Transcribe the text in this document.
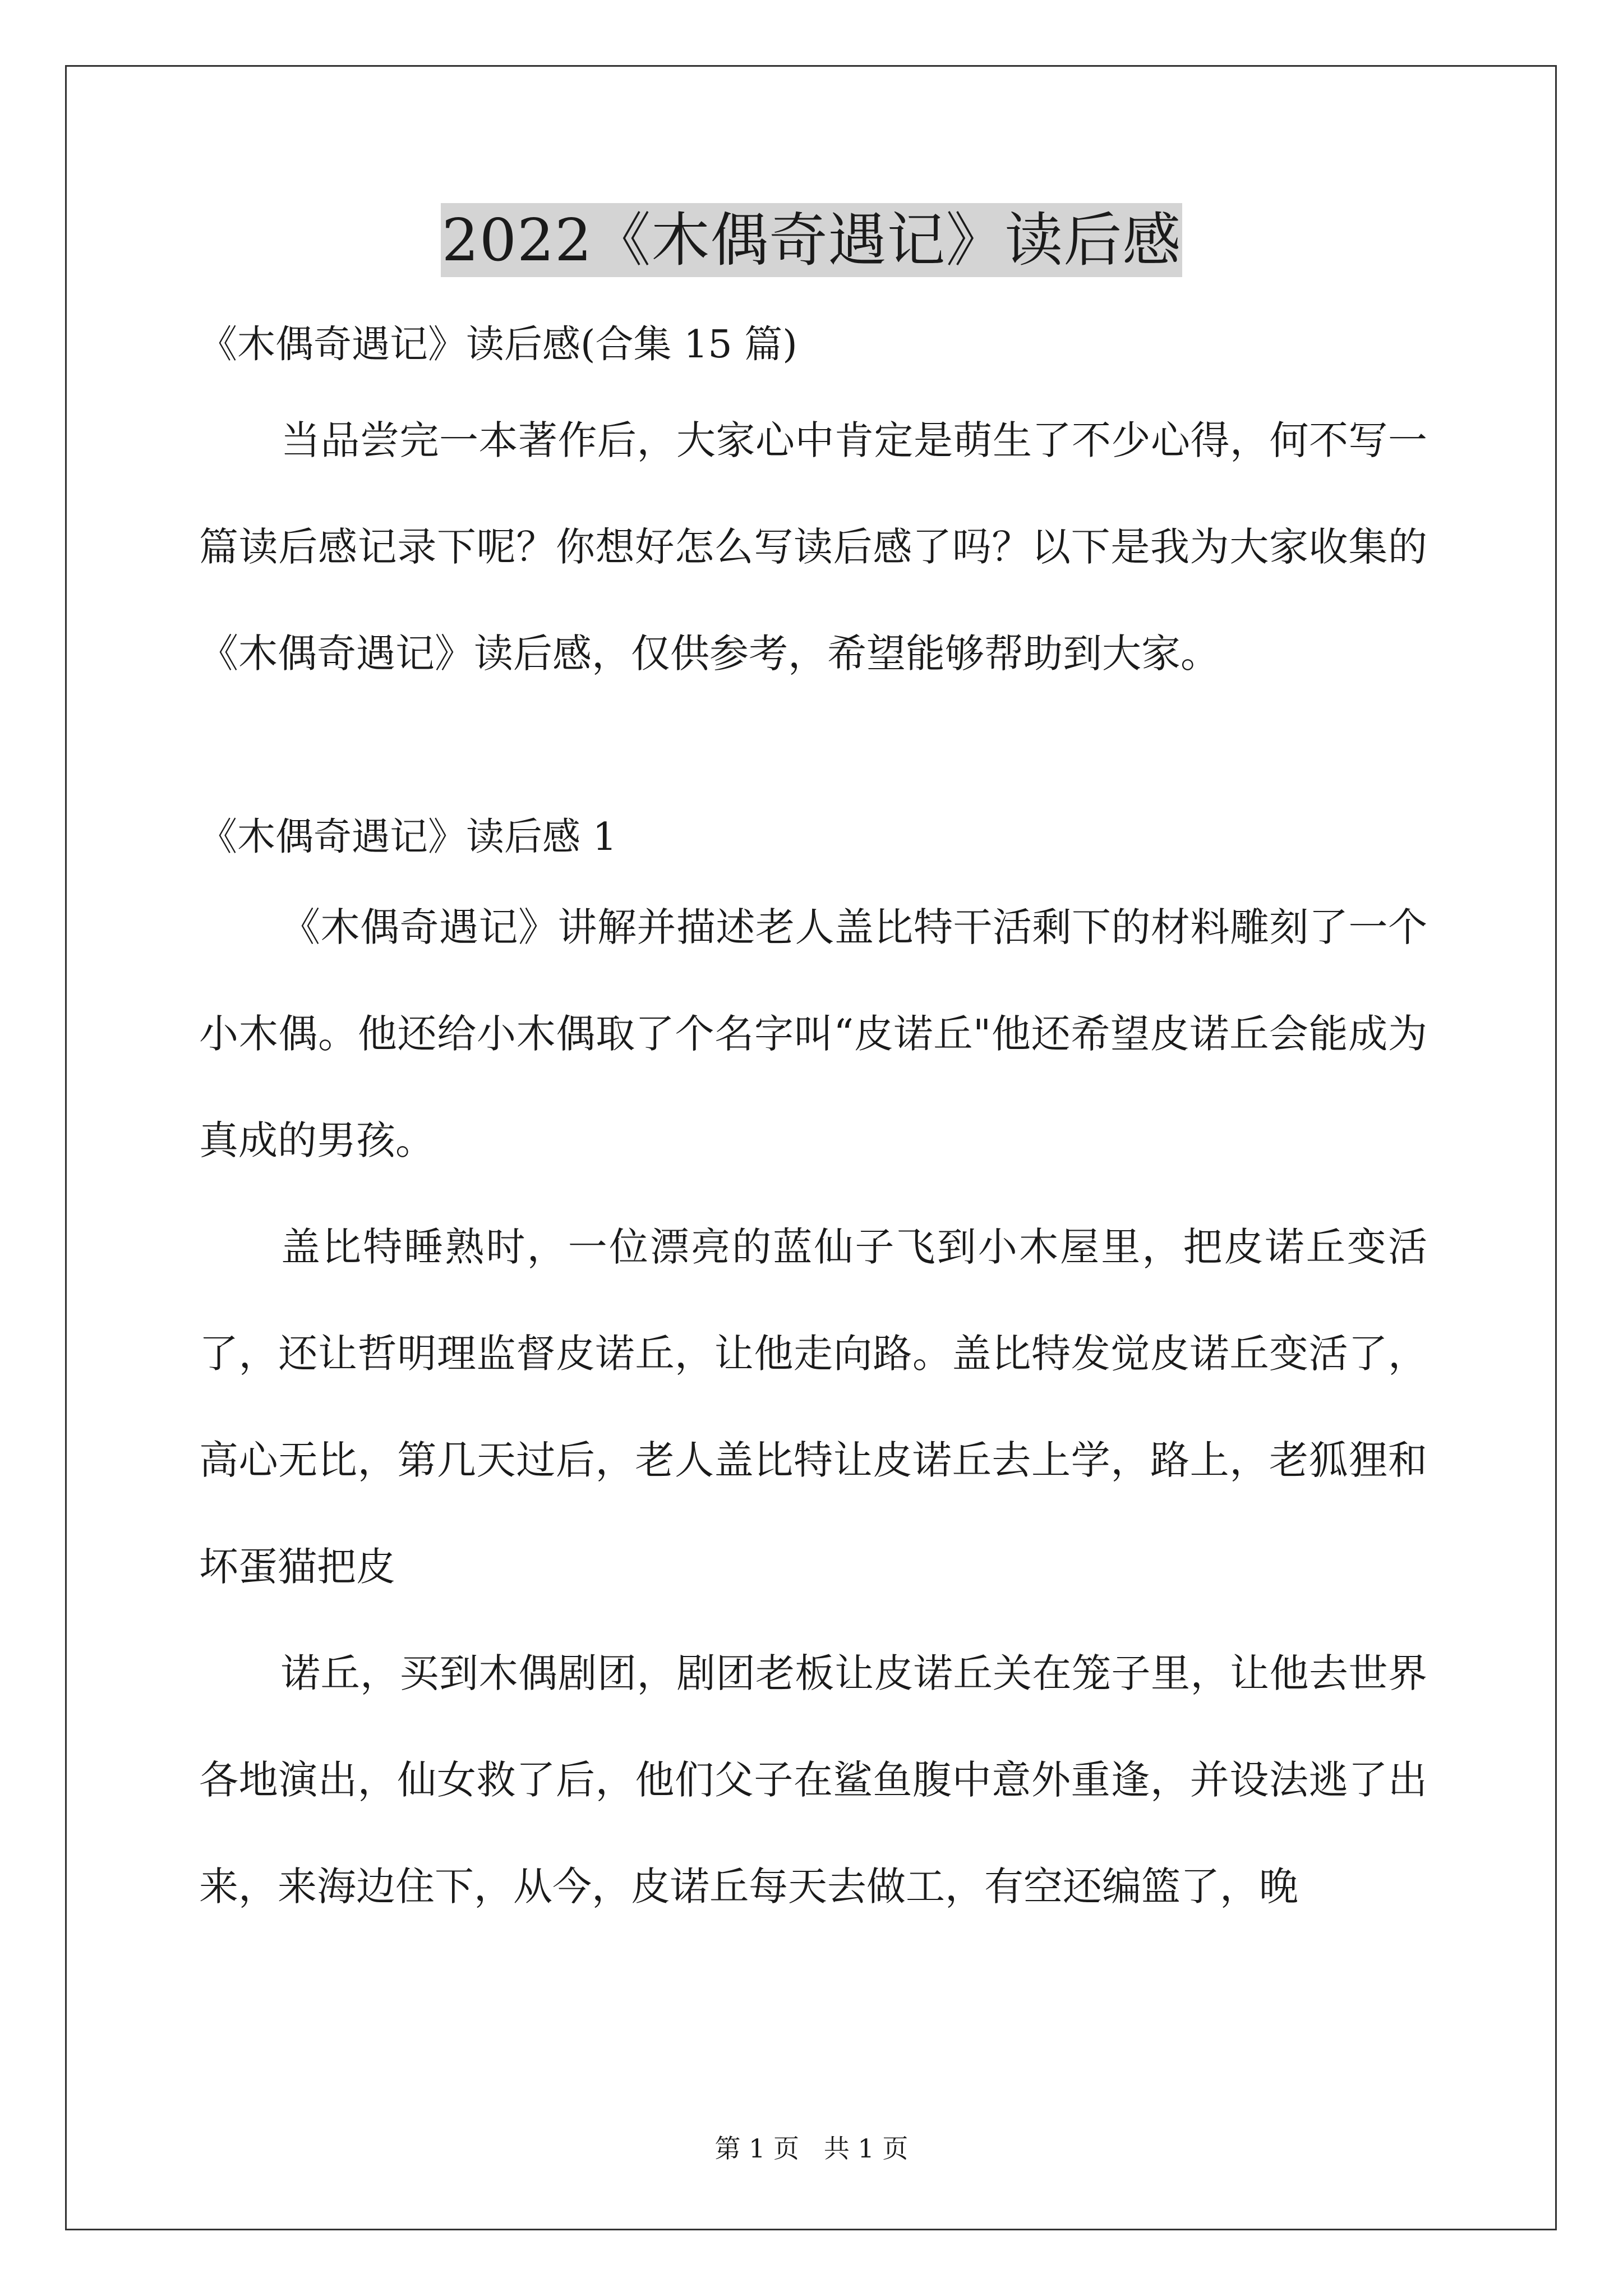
2022《木偶奇遇记》读后感
《木偶奇遇记》读后感(合集 15 篇)

当品尝完一本著作后，大家心中肯定是萌生了不少心得，何不写一篇读后感记录下呢？你想好怎么写读后感了吗？以下是我为大家收集的《木偶奇遇记》读后感，仅供参考，希望能够帮助到大家。

《木偶奇遇记》读后感 1

《木偶奇遇记》讲解并描述老人盖比特干活剩下的材料雕刻了一个小木偶。他还给小木偶取了个名字叫“皮诺丘"他还希望皮诺丘会能成为真成的男孩。

盖比特睡熟时，一位漂亮的蓝仙子飞到小木屋里，把皮诺丘变活了，还让哲明理监督皮诺丘，让他走向路。盖比特发觉皮诺丘变活了，高心无比，第几天过后，老人盖比特让皮诺丘去上学，路上，老狐狸和坏蛋猫把皮

诺丘，买到木偶剧团，剧团老板让皮诺丘关在笼子里，让他去世界各地演出，仙女救了后，他们父子在鲨鱼腹中意外重逢，并设法逃了出来，来海边住下，从今，皮诺丘每天去做工，有空还编篮了，晚

第 1 页   共 1 页
